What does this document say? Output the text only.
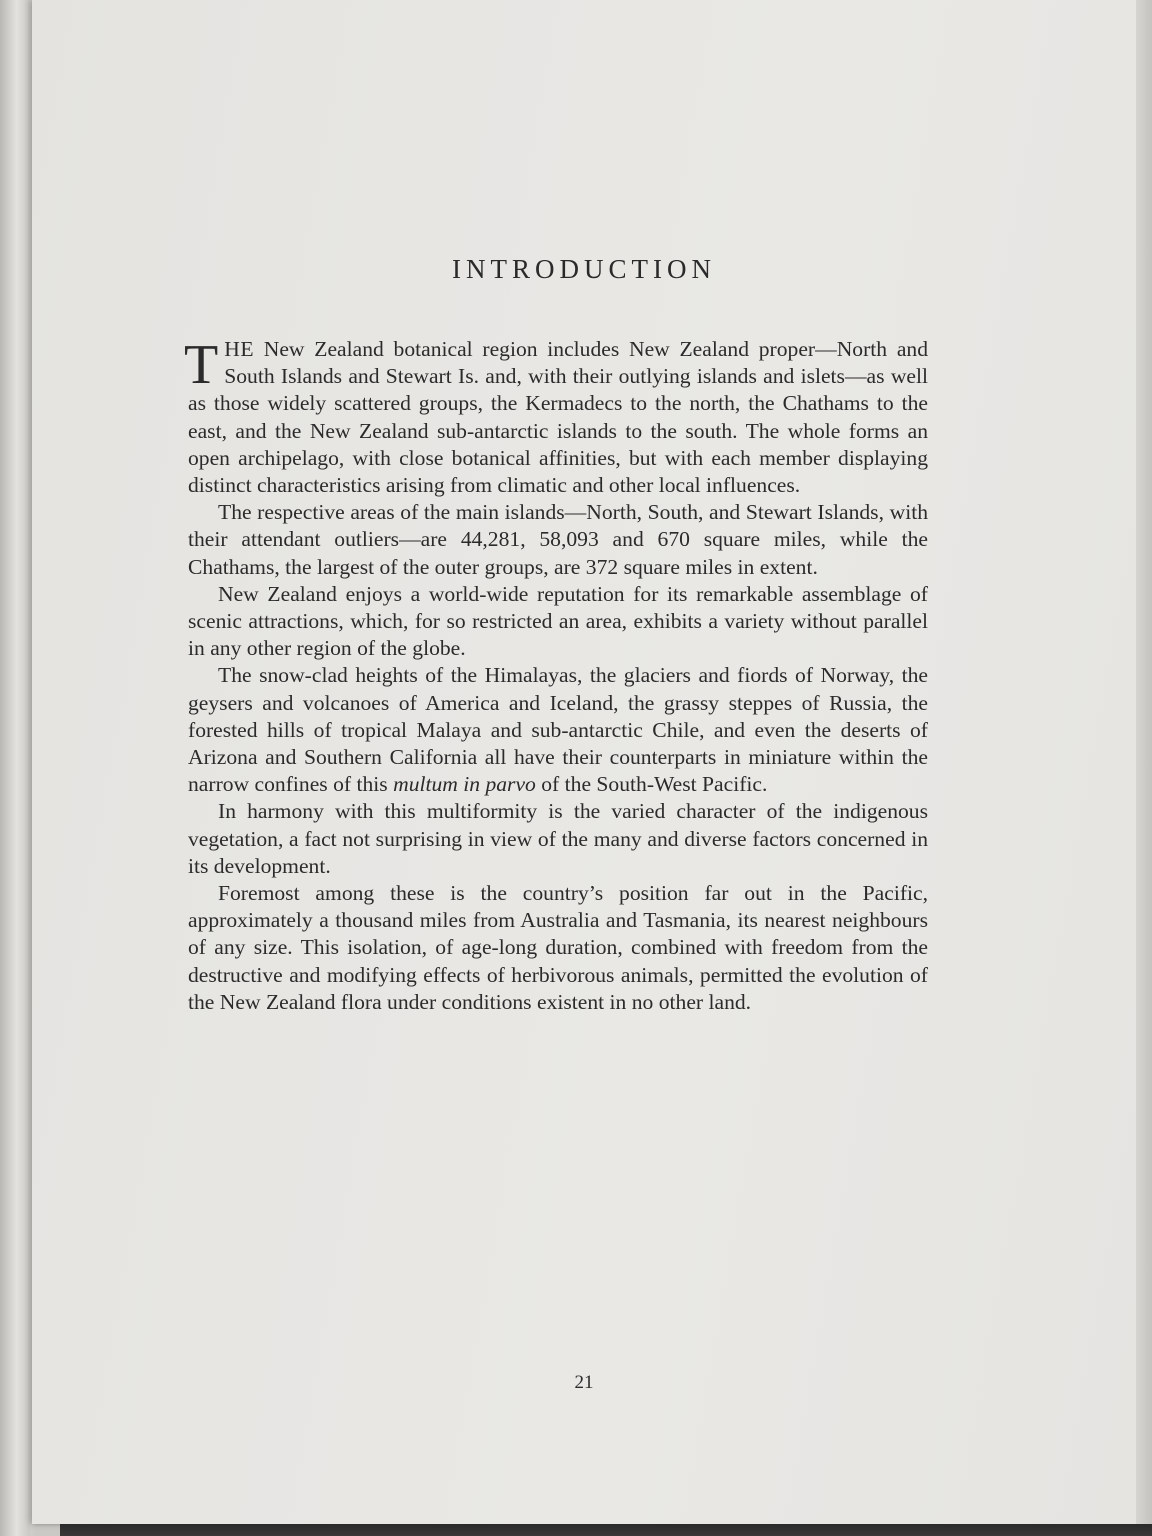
INTRODUCTION

THE New Zealand botanical region includes New Zealand proper—North and South Islands and Stewart Is. and, with their outlying islands and islets—as well as those widely scattered groups, the Kermadecs to the north, the Chathams to the east, and the New Zealand sub-antarctic islands to the south. The whole forms an open archipelago, with close botanical affinities, but with each member displaying distinct characteristics arising from climatic and other local influences.

The respective areas of the main islands—North, South, and Stewart Islands, with their attendant outliers—are 44,281, 58,093 and 670 square miles, while the Chathams, the largest of the outer groups, are 372 square miles in extent.

New Zealand enjoys a world-wide reputation for its remarkable assemblage of scenic attractions, which, for so restricted an area, exhibits a variety without parallel in any other region of the globe.

The snow-clad heights of the Himalayas, the glaciers and fiords of Norway, the geysers and volcanoes of America and Iceland, the grassy steppes of Russia, the forested hills of tropical Malaya and sub-antarctic Chile, and even the deserts of Arizona and Southern California all have their counterparts in miniature within the narrow confines of this multum in parvo of the South-West Pacific.

In harmony with this multiformity is the varied character of the indigenous vegetation, a fact not surprising in view of the many and diverse factors concerned in its development.

Foremost among these is the country’s position far out in the Pacific, approximately a thousand miles from Australia and Tasmania, its nearest neighbours of any size. This isolation, of age-long duration, combined with freedom from the destructive and modifying effects of herbivorous animals, permitted the evolution of the New Zealand flora under conditions existent in no other land.

21
